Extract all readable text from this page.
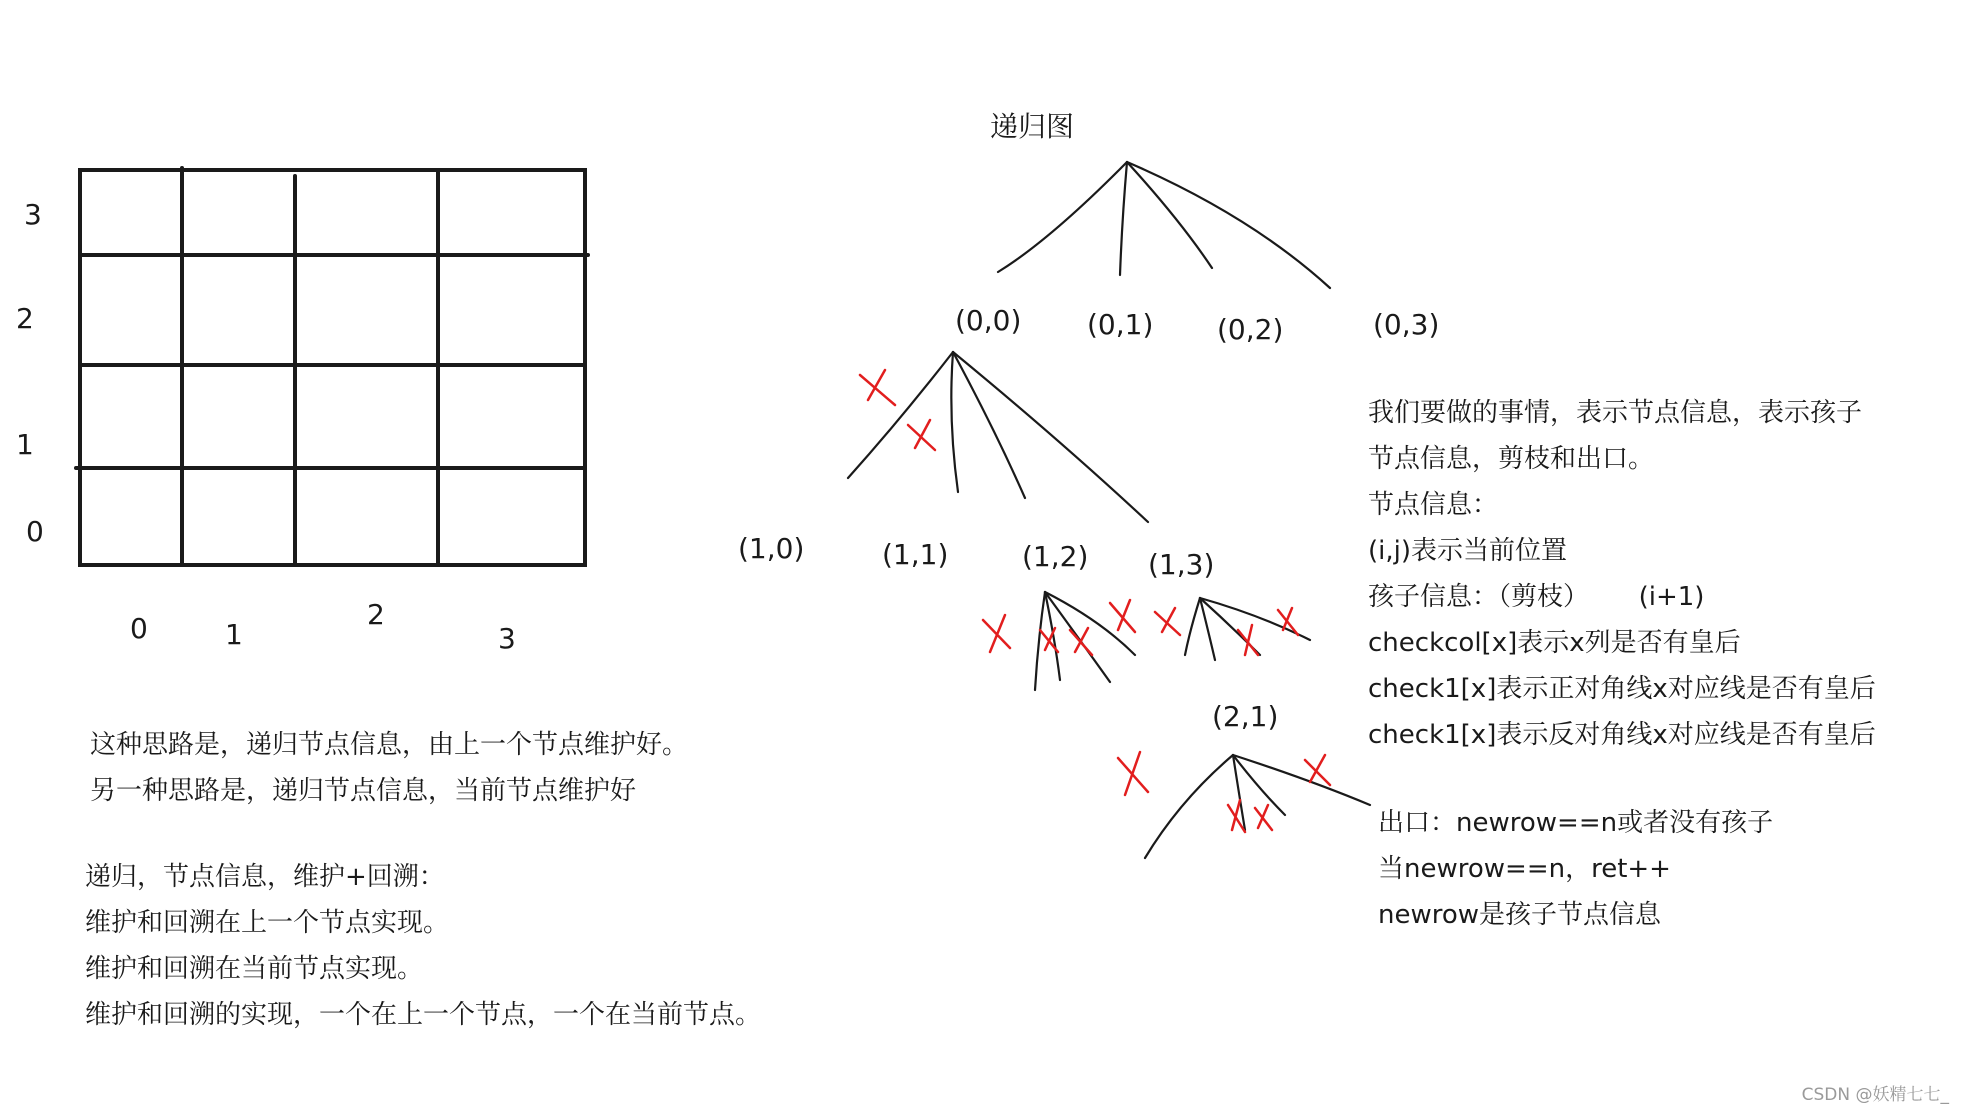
3
2
1
0
0	1
2
3
递归图
(0,0) (0,1) (0,2)	(0,3)
(1,0)	(1,1)	(1,2) (1,3)
(2,1)
这种思路是，递归节点信息，由上一个节点维护好。
另一种思路是，递归节点信息，当前节点维护好
递归，节点信息，维护+回溯：
维护和回溯在上一个节点实现。
维护和回溯在当前节点实现。
维护和回溯的实现，一个在上一个节点，一个在当前节点。
我们要做的事情，表示节点信息，表示孩子
节点信息，剪枝和出口。
节点信息：
(i,j)表示当前位置
孩子信息：（剪枝）      (i+1)
checkcol[x]表示x列是否有皇后
check1[x]表示正对角线x对应线是否有皇后
check1[x]表示反对角线x对应线是否有皇后
出口：newrow==n或者没有孩子
当newrow==n，ret++
newrow是孩子节点信息
CSDN @妖精七七_
